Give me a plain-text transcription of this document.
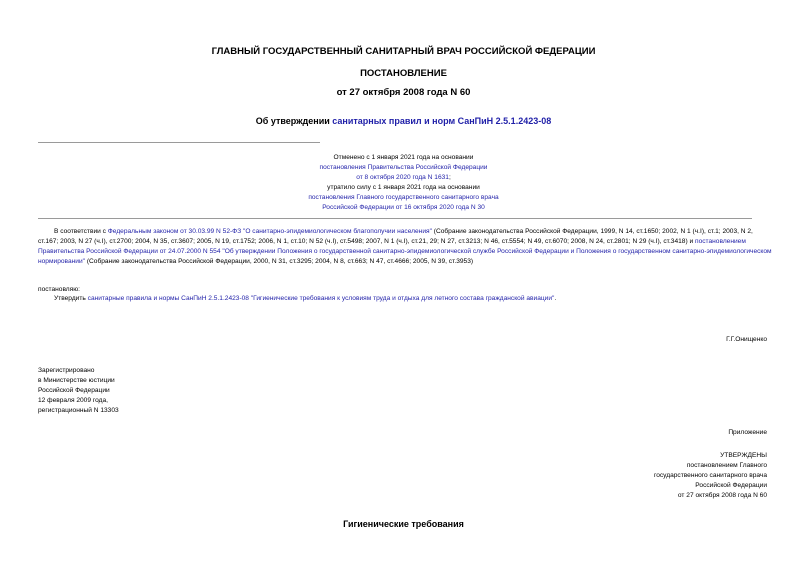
ГЛАВНЫЙ ГОСУДАРСТВЕННЫЙ САНИТАРНЫЙ ВРАЧ РОССИЙСКОЙ ФЕДЕРАЦИИ
ПОСТАНОВЛЕНИЕ
от 27 октября 2008 года N 60
Об утверждении санитарных правил и норм СанПиН 2.5.1.2423-08
Отменено с 1 января 2021 года на основании
постановления Правительства Российской Федерации
от 8 октября 2020 года N 1631;
утратило силу с 1 января 2021 года на основании
постановления Главного государственного санитарного врача
Российской Федерации от 16 октября 2020 года N 30
В соответствии с Федеральным законом от 30.03.99 N 52-ФЗ "О санитарно-эпидемиологическом благополучии населения" (Собрание законодательства Российской Федерации, 1999, N 14, ст.1650; 2002, N 1 (ч.I), ст.1; 2003, N 2, ст.167; 2003, N 27 (ч.I), ст.2700; 2004, N 35, ст.3607; 2005, N 19, ст.1752; 2006, N 1, ст.10; N 52 (ч.I), ст.5498; 2007, N 1 (ч.I), ст.21, 29; N 27, ст.3213; N 46, ст.5554; N 49, ст.6070; 2008, N 24, ст.2801; N 29 (ч.I), ст.3418) и постановлением Правительства Российской Федерации от 24.07.2000 N 554 "Об утверждении Положения о государственной санитарно-эпидемиологической службе Российской Федерации и Положения о государственном санитарно-эпидемиологическом нормировании" (Собрание законодательства Российской Федерации, 2000, N 31, ст.3295; 2004, N 8, ст.663; N 47, ст.4666; 2005, N 39, ст.3953)
постановляю:
Утвердить санитарные правила и нормы СанПиН 2.5.1.2423-08 "Гигиенические требования к условиям труда и отдыха для летного состава гражданской авиации".
Г.Г.Онищенко
Зарегистрировано
в Министерстве юстиции
Российской Федерации
12 февраля 2009 года,
регистрационный N 13303
Приложение
УТВЕРЖДЕНЫ
постановлением Главного
государственного санитарного врача
Российской Федерации
от 27 октября 2008 года N 60
Гигиенические требования
